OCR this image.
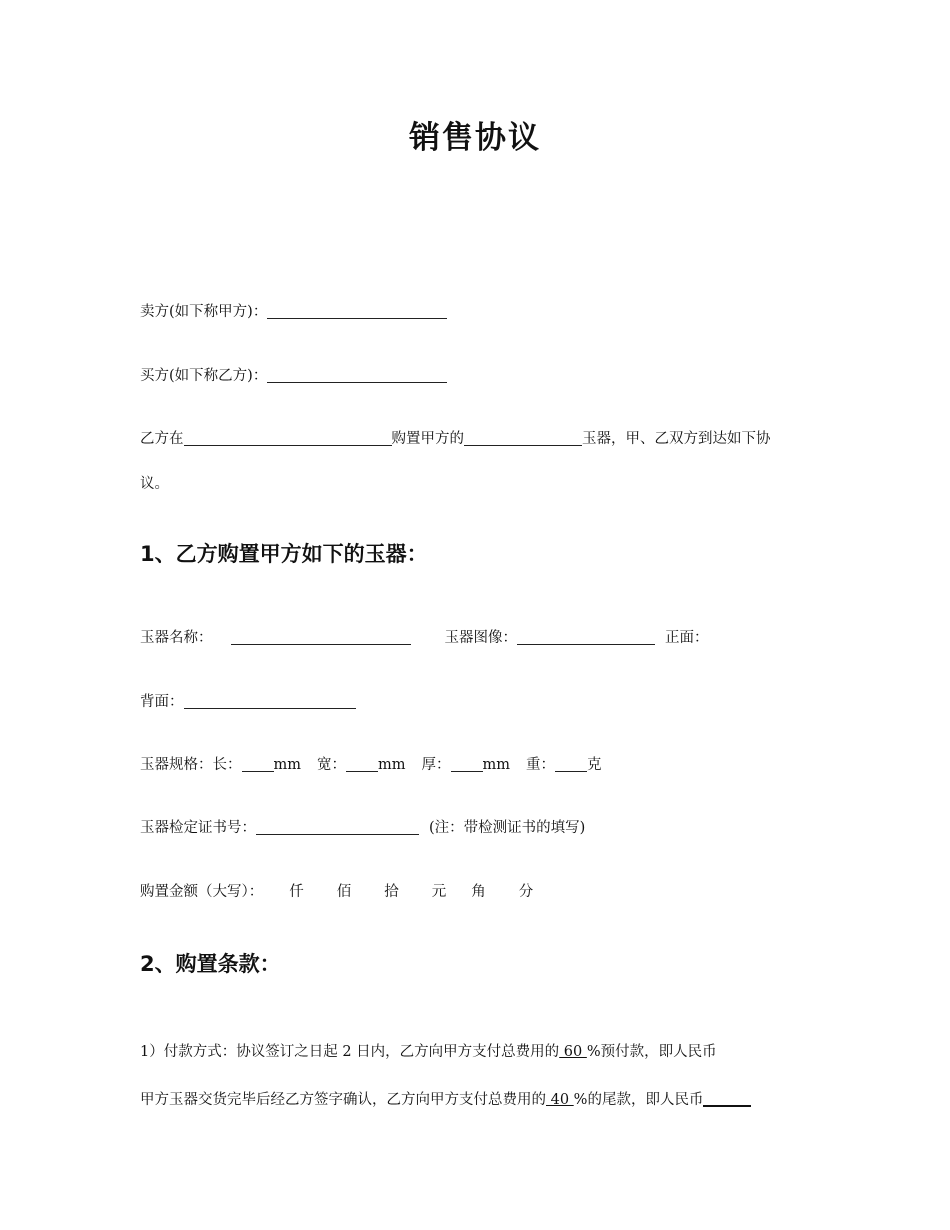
销售协议
卖方(如下称甲方)：
买方(如下称乙方)：
乙方在	购置甲方的	玉器，甲、乙双方到达如下协
议。
1、乙方购置甲方如下的玉器：
玉器名称：	玉器图像：	正面：
背面：
玉器规格：长： mm 宽： mm 厚： mm 重： 克
玉器检定证书号：	(注：带检测证书的填写)
购置金额（大写）： 仟 佰 拾 元 角 分
2、购置条款：
1）付款方式：协议签订之日起 2 日内，乙方向甲方支付总费用的 60 %预付款，即人民币
甲方玉器交货完毕后经乙方签字确认，乙方向甲方支付总费用的 40 %的尾款，即人民币
